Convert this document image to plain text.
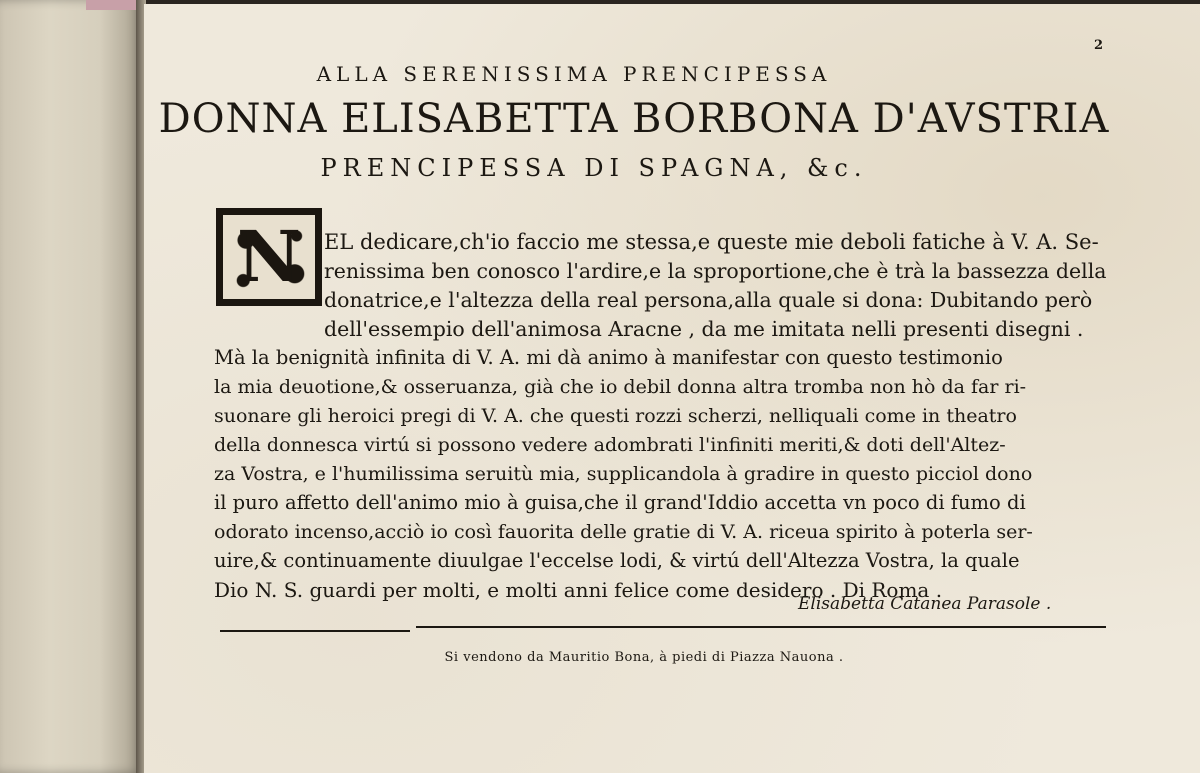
2
ALLA SERENISSIMA PRENCIPESSA
DONNA ELISABETTA BORBONA D'AVSTRIA
PRENCIPESSA DI SPAGNA, &c.
N	EL dedicare,ch'io faccio me stessa,e queste mie deboli fatiche à V. A. Se-
renissima ben conosco l'ardire,e la sproportione,che è trà la bassezza della
donatrice,e l'altezza della real persona,alla quale si dona: Dubitando però
dell'essempio dell'animosa Aracne , da me imitata nelli presenti disegni .
Mà la benignità infinita di V. A. mi dà animo à manifestar con questo testimonio
la mia deuotione,& osseruanza, già che io debil donna altra tromba non hò da far ri-
suonare gli heroici pregi di V. A. che questi rozzi scherzi, nelliquali come in theatro
della donnesca virtú si possono vedere adombrati l'infiniti meriti,& doti dell'Altez-
za Vostra, e l'humilissima seruitù mia, supplicandola à gradire in questo picciol dono
il puro affetto dell'animo mio à guisa,che il grand'Iddio accetta vn poco di fumo di
odorato incenso,acciò io così fauorita delle gratie di V. A. riceua spirito à poterla ser-
uire,& continuamente diuulgae l'eccelse lodi, & virtú dell'Altezza Vostra, la quale
Dio N. S. guardi per molti, e molti anni felice come desidero . Di Roma .
Elisabetta Catanea Parasole .
Si vendono da Mauritio Bona, à piedi di Piazza Nauona .
